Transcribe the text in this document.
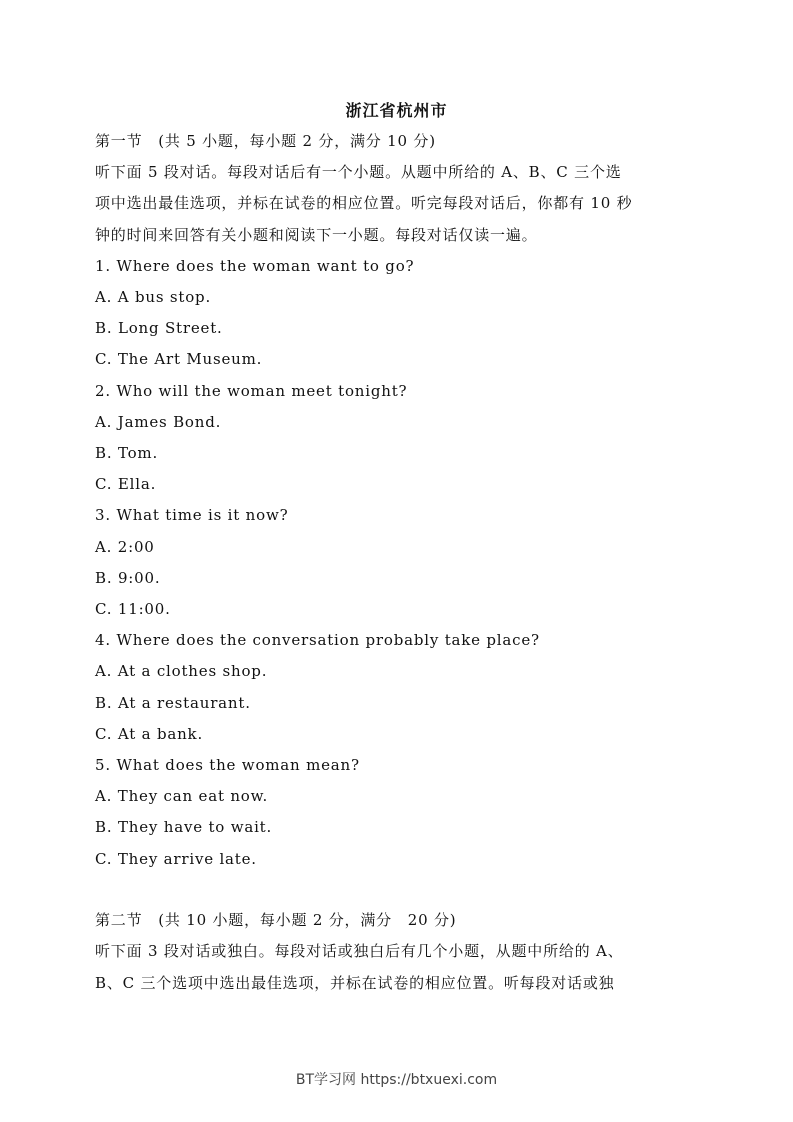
浙江省杭州市
第一节　(共 5 小题，每小题 2 分，满分 10 分)
听下面 5 段对话。每段对话后有一个小题。从题中所给的 A、B、C 三个选
项中选出最佳选项，并标在试卷的相应位置。听完每段对话后，你都有 10 秒
钟的时间来回答有关小题和阅读下一小题。每段对话仅读一遍。
1. Where does the woman want to go?
A. A bus stop.
B. Long Street.
C. The Art Museum.
2. Who will the woman meet tonight?
A. James Bond.
B. Tom.
C. Ella.
3. What time is it now?
A. 2:00
B. 9:00.
C. 11:00.
4. Where does the conversation probably take place?
A. At a clothes shop.
B. At a restaurant.
C. At a bank.
5. What does the woman mean?
A. They can eat now.
B. They have to wait.
C. They arrive late.
第二节　(共 10 小题，每小题 2 分，满分　20 分)
听下面 3 段对话或独白。每段对话或独白后有几个小题，从题中所给的 A、
B、C 三个选项中选出最佳选项，并标在试卷的相应位置。听每段对话或独
BT学习网 https://btxuexi.com
